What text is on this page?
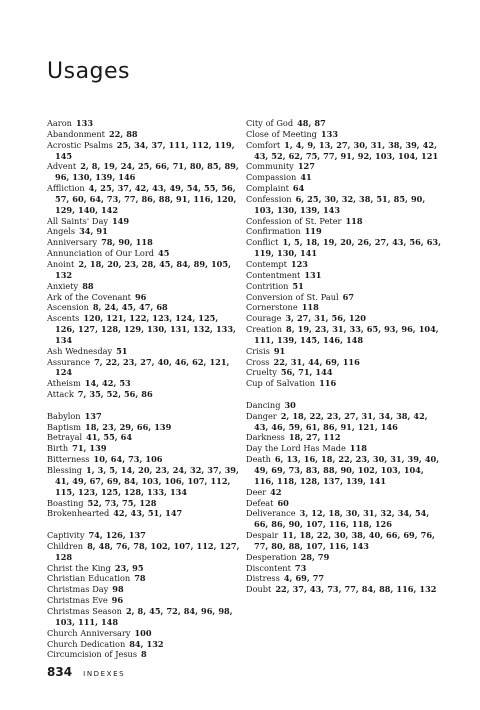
Usages
Aaron 133
Abandonment 22, 88
Acrostic Psalms 25, 34, 37, 111, 112, 119, 145
Advent 2, 8, 19, 24, 25, 66, 71, 80, 85, 89, 96, 130, 139, 146
Affliction 4, 25, 37, 42, 43, 49, 54, 55, 56, 57, 60, 64, 73, 77, 86, 88, 91, 116, 120, 129, 140, 142
All Saints' Day 149
Angels 34, 91
Anniversary 78, 90, 118
Annunciation of Our Lord 45
Anoint 2, 18, 20, 23, 28, 45, 84, 89, 105, 132
Anxiety 88
Ark of the Covenant 96
Ascension 8, 24, 45, 47, 68
Ascents 120, 121, 122, 123, 124, 125, 126, 127, 128, 129, 130, 131, 132, 133, 134
Ash Wednesday 51
Assurance 7, 22, 23, 27, 40, 46, 62, 121, 124
Atheism 14, 42, 53
Attack 7, 35, 52, 56, 86
Babylon 137
Baptism 18, 23, 29, 66, 139
Betrayal 41, 55, 64
Birth 71, 139
Bitterness 10, 64, 73, 106
Blessing 1, 3, 5, 14, 20, 23, 24, 32, 37, 39, 41, 49, 67, 69, 84, 103, 106, 107, 112, 115, 123, 125, 128, 133, 134
Boasting 52, 73, 75, 128
Brokenhearted 42, 43, 51, 147
Captivity 74, 126, 137
Children 8, 48, 76, 78, 102, 107, 112, 127, 128
Christ the King 23, 95
Christian Education 78
Christmas Day 98
Christmas Eve 96
Christmas Season 2, 8, 45, 72, 84, 96, 98, 103, 111, 148
Church Anniversary 100
Church Dedication 84, 132
Circumcision of Jesus 8
City of God 48, 87
Close of Meeting 133
Comfort 1, 4, 9, 13, 27, 30, 31, 38, 39, 42, 43, 52, 62, 75, 77, 91, 92, 103, 104, 121
Community 127
Compassion 41
Complaint 64
Confession 6, 25, 30, 32, 38, 51, 85, 90, 103, 130, 139, 143
Confession of St. Peter 118
Confirmation 119
Conflict 1, 5, 18, 19, 20, 26, 27, 43, 56, 63, 119, 130, 141
Contempt 123
Contentment 131
Contrition 51
Conversion of St. Paul 67
Cornerstone 118
Courage 3, 27, 31, 56, 120
Creation 8, 19, 23, 31, 33, 65, 93, 96, 104, 111, 139, 145, 146, 148
Crisis 91
Cross 22, 31, 44, 69, 116
Cruelty 56, 71, 144
Cup of Salvation 116
Dancing 30
Danger 2, 18, 22, 23, 27, 31, 34, 38, 42, 43, 46, 59, 61, 86, 91, 121, 146
Darkness 18, 27, 112
Day the Lord Has Made 118
Death 6, 13, 16, 18, 22, 23, 30, 31, 39, 40, 49, 69, 73, 83, 88, 90, 102, 103, 104, 116, 118, 128, 137, 139, 141
Deer 42
Defeat 60
Deliverance 3, 12, 18, 30, 31, 32, 34, 54, 66, 86, 90, 107, 116, 118, 126
Despair 11, 18, 22, 30, 38, 40, 66, 69, 76, 77, 80, 88, 107, 116, 143
Desperation 28, 79
Discontent 73
Distress 4, 69, 77
Doubt 22, 37, 43, 73, 77, 84, 88, 116, 132
834 INDEXES
